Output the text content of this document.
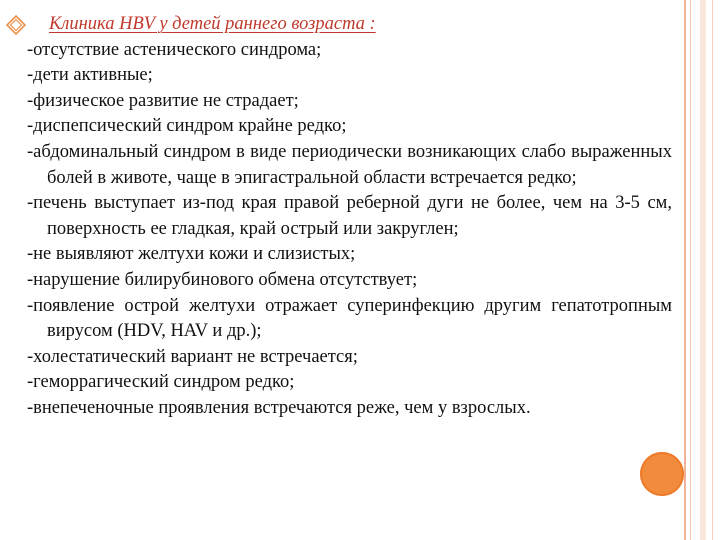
Клиника HBV у детей раннего возраста :

-отсутствие астенического синдрома;

-дети активные;

-физическое развитие не страдает;

-диспепсический синдром крайне редко;

-абдоминальный синдром в виде периодически возникающих слабо выраженных болей в животе, чаще в эпигастральной области встречается редко;

-печень выступает из-под края правой реберной дуги не более, чем на 3-5 см, поверхность ее гладкая, край острый или закруглен;

-не выявляют желтухи кожи и слизистых;

-нарушение билирубинового обмена отсутствует;

-появление острой желтухи отражает суперинфекцию другим гепатотропным вирусом (HDV, HAV и др.);

-холестатический вариант не встречается;

-геморрагический синдром редко;

-внепеченочные проявления встречаются реже, чем у взрослых.
